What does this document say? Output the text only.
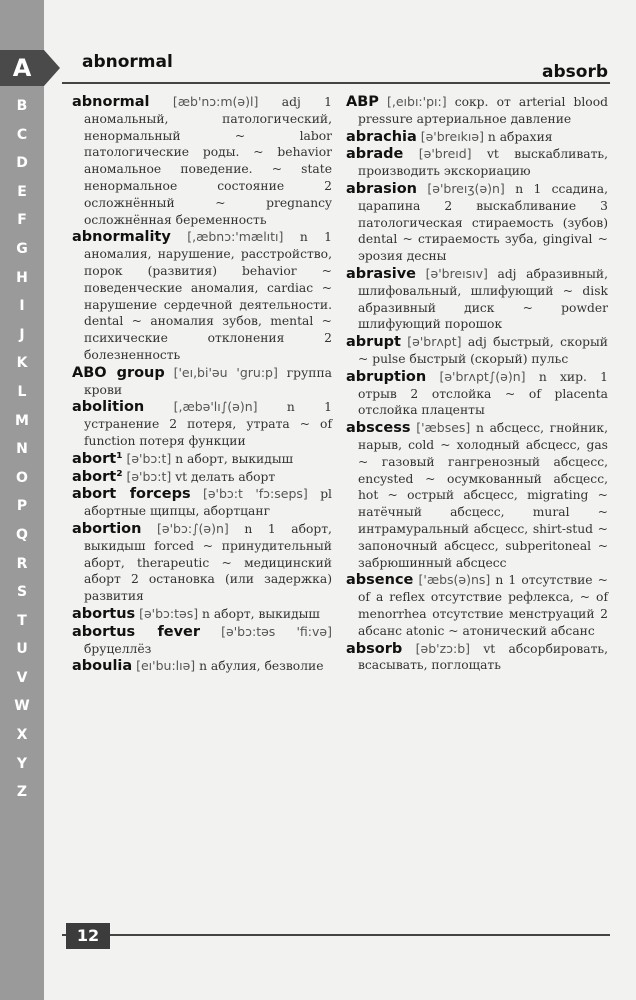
A
B
C
D
E
F
G
H
I
J
K
L
M
N
O
P
Q
R
S
T
U
V
W
X
Y
Z
abnormal	absorb
abnormal [æb'nɔ:m(ə)l] adj 1 аномальный, патологический, ненормальный ~ labor патологические роды. ~ behavior аномальное поведение. ~ state ненормальное состояние 2 осложнённый ~ pregnancy осложнённая беременность
abnormality [,æbnɔ:'mælıtı] n 1 аномалия, нарушение, расстройство, порок (развития) behavior ~ поведенческие аномалия, cardiac ~ нарушение сердечной деятельности. dental ~ аномалия зубов, mental ~ психические отклонения 2 болезненность
ABO group ['eı,bi'əu 'gru:p] группа крови
abolition [,æbə'lı∫(ə)n] n 1 устранение 2 потеря, утрата ~ of function потеря функции
abort¹ [ə'bɔ:t] n аборт, выкидыш
abort² [ə'bɔ:t] vt делать аборт
abort forceps [ə'bɔ:t 'fɔ:seps] pl абортные щипцы, абортцанг
abortion [ə'bɔ:∫(ə)n] n 1 аборт, выкидыш forced ~ принудительный аборт, therapeutic ~ медицинский аборт 2 остановка (или задержка) развития
abortus [ə'bɔ:təs] n аборт, выкидыш
abortus fever [ə'bɔ:təs 'fi:və] бруцеллёз
aboulia [eı'bu:lıə] n абулия, безволие
ABP [,eıbı:'pı:] сокр. от arterial blood pressure артериальное давление
abrachia [ə'breıkıə] n абрахия
abrade [ə'breıd] vt выскабливать, производить экскориацию
abrasion [ə'breıʒ(ə)n] n 1 ссадина, царапина 2 выскабливание 3 патологическая стираемость (зубов) dental ~ стираемость зуба, gingival ~ эрозия десны
abrasive [ə'breısıv] adj абразивный, шлифовальный, шлифующий ~ disk абразивный диск ~ powder шлифующий порошок
abrupt [ə'brʌpt] adj быстрый, скорый ~ pulse быстрый (скорый) пульс
abruption [ə'brʌpt∫(ə)n] n хир. 1 отрыв 2 отслойка ~ of placenta отслойка плаценты
abscess ['æbses] n абсцесс, гнойник, нарыв, cold ~ холодный абсцесс, gas ~ газовый гангренозный абсцесс, encysted ~ осумкованный абсцесс, hot ~ острый абсцесс, migrating ~ натёчный абсцесс, mural ~ интрамуральный абсцесс, shirt-stud ~ запоночный абсцесс, subperitoneal ~ забрюшинный абсцесс
absence ['æbs(ə)ns] n 1 отсутствие ~ of a reflex отсутствие рефлекса, ~ of menorrhea отсутствие менструаций 2 абсанс atonic ~ атонический абсанс
absorb [əb'zɔ:b] vt абсорбировать, всасывать, поглощать
12
